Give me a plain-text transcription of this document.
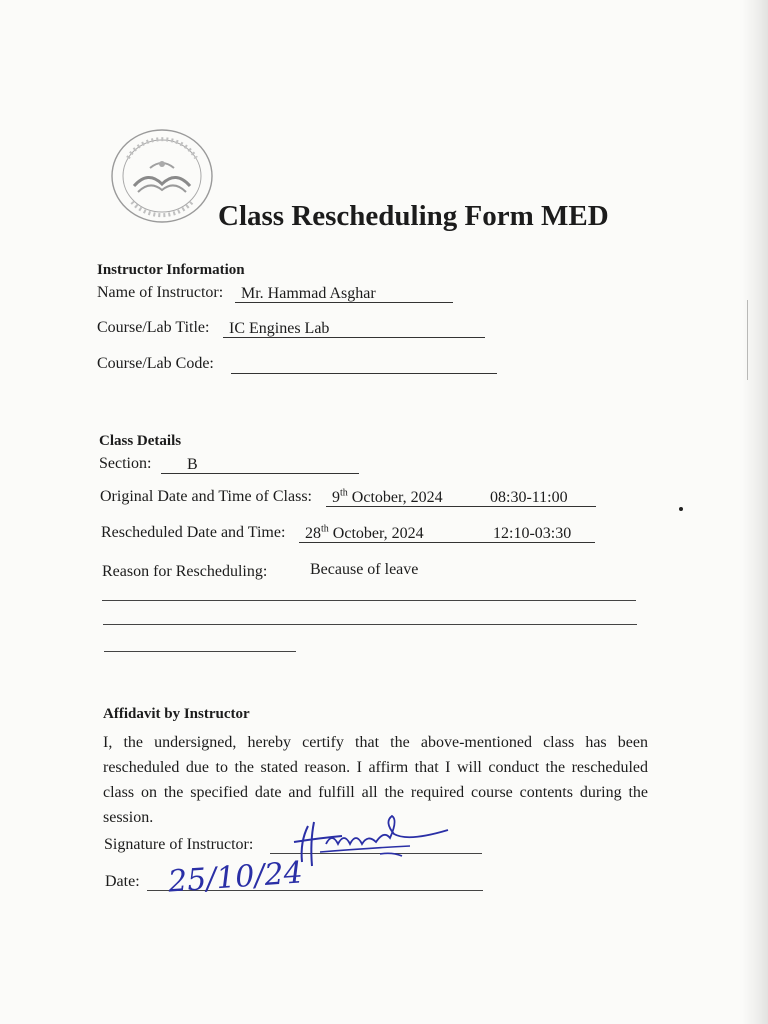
Class Rescheduling Form MED
Instructor Information
Name of Instructor:	Mr. Hammad Asghar
Course/Lab Title:	IC Engines Lab
Course/Lab Code:
Class Details
Section:	B
Original Date and Time of Class:	9th October, 2024	08:30-11:00
Rescheduled Date and Time:	28th October, 2024	12:10-03:30
Reason for Rescheduling:	Because of leave
Affidavit by Instructor
I, the undersigned, hereby certify that the above-mentioned class has been rescheduled due to the stated reason. I affirm that I will conduct the rescheduled class on the specified date and fulfill all the required course contents during the session.
Signature of Instructor:
Date: 25/10/24
